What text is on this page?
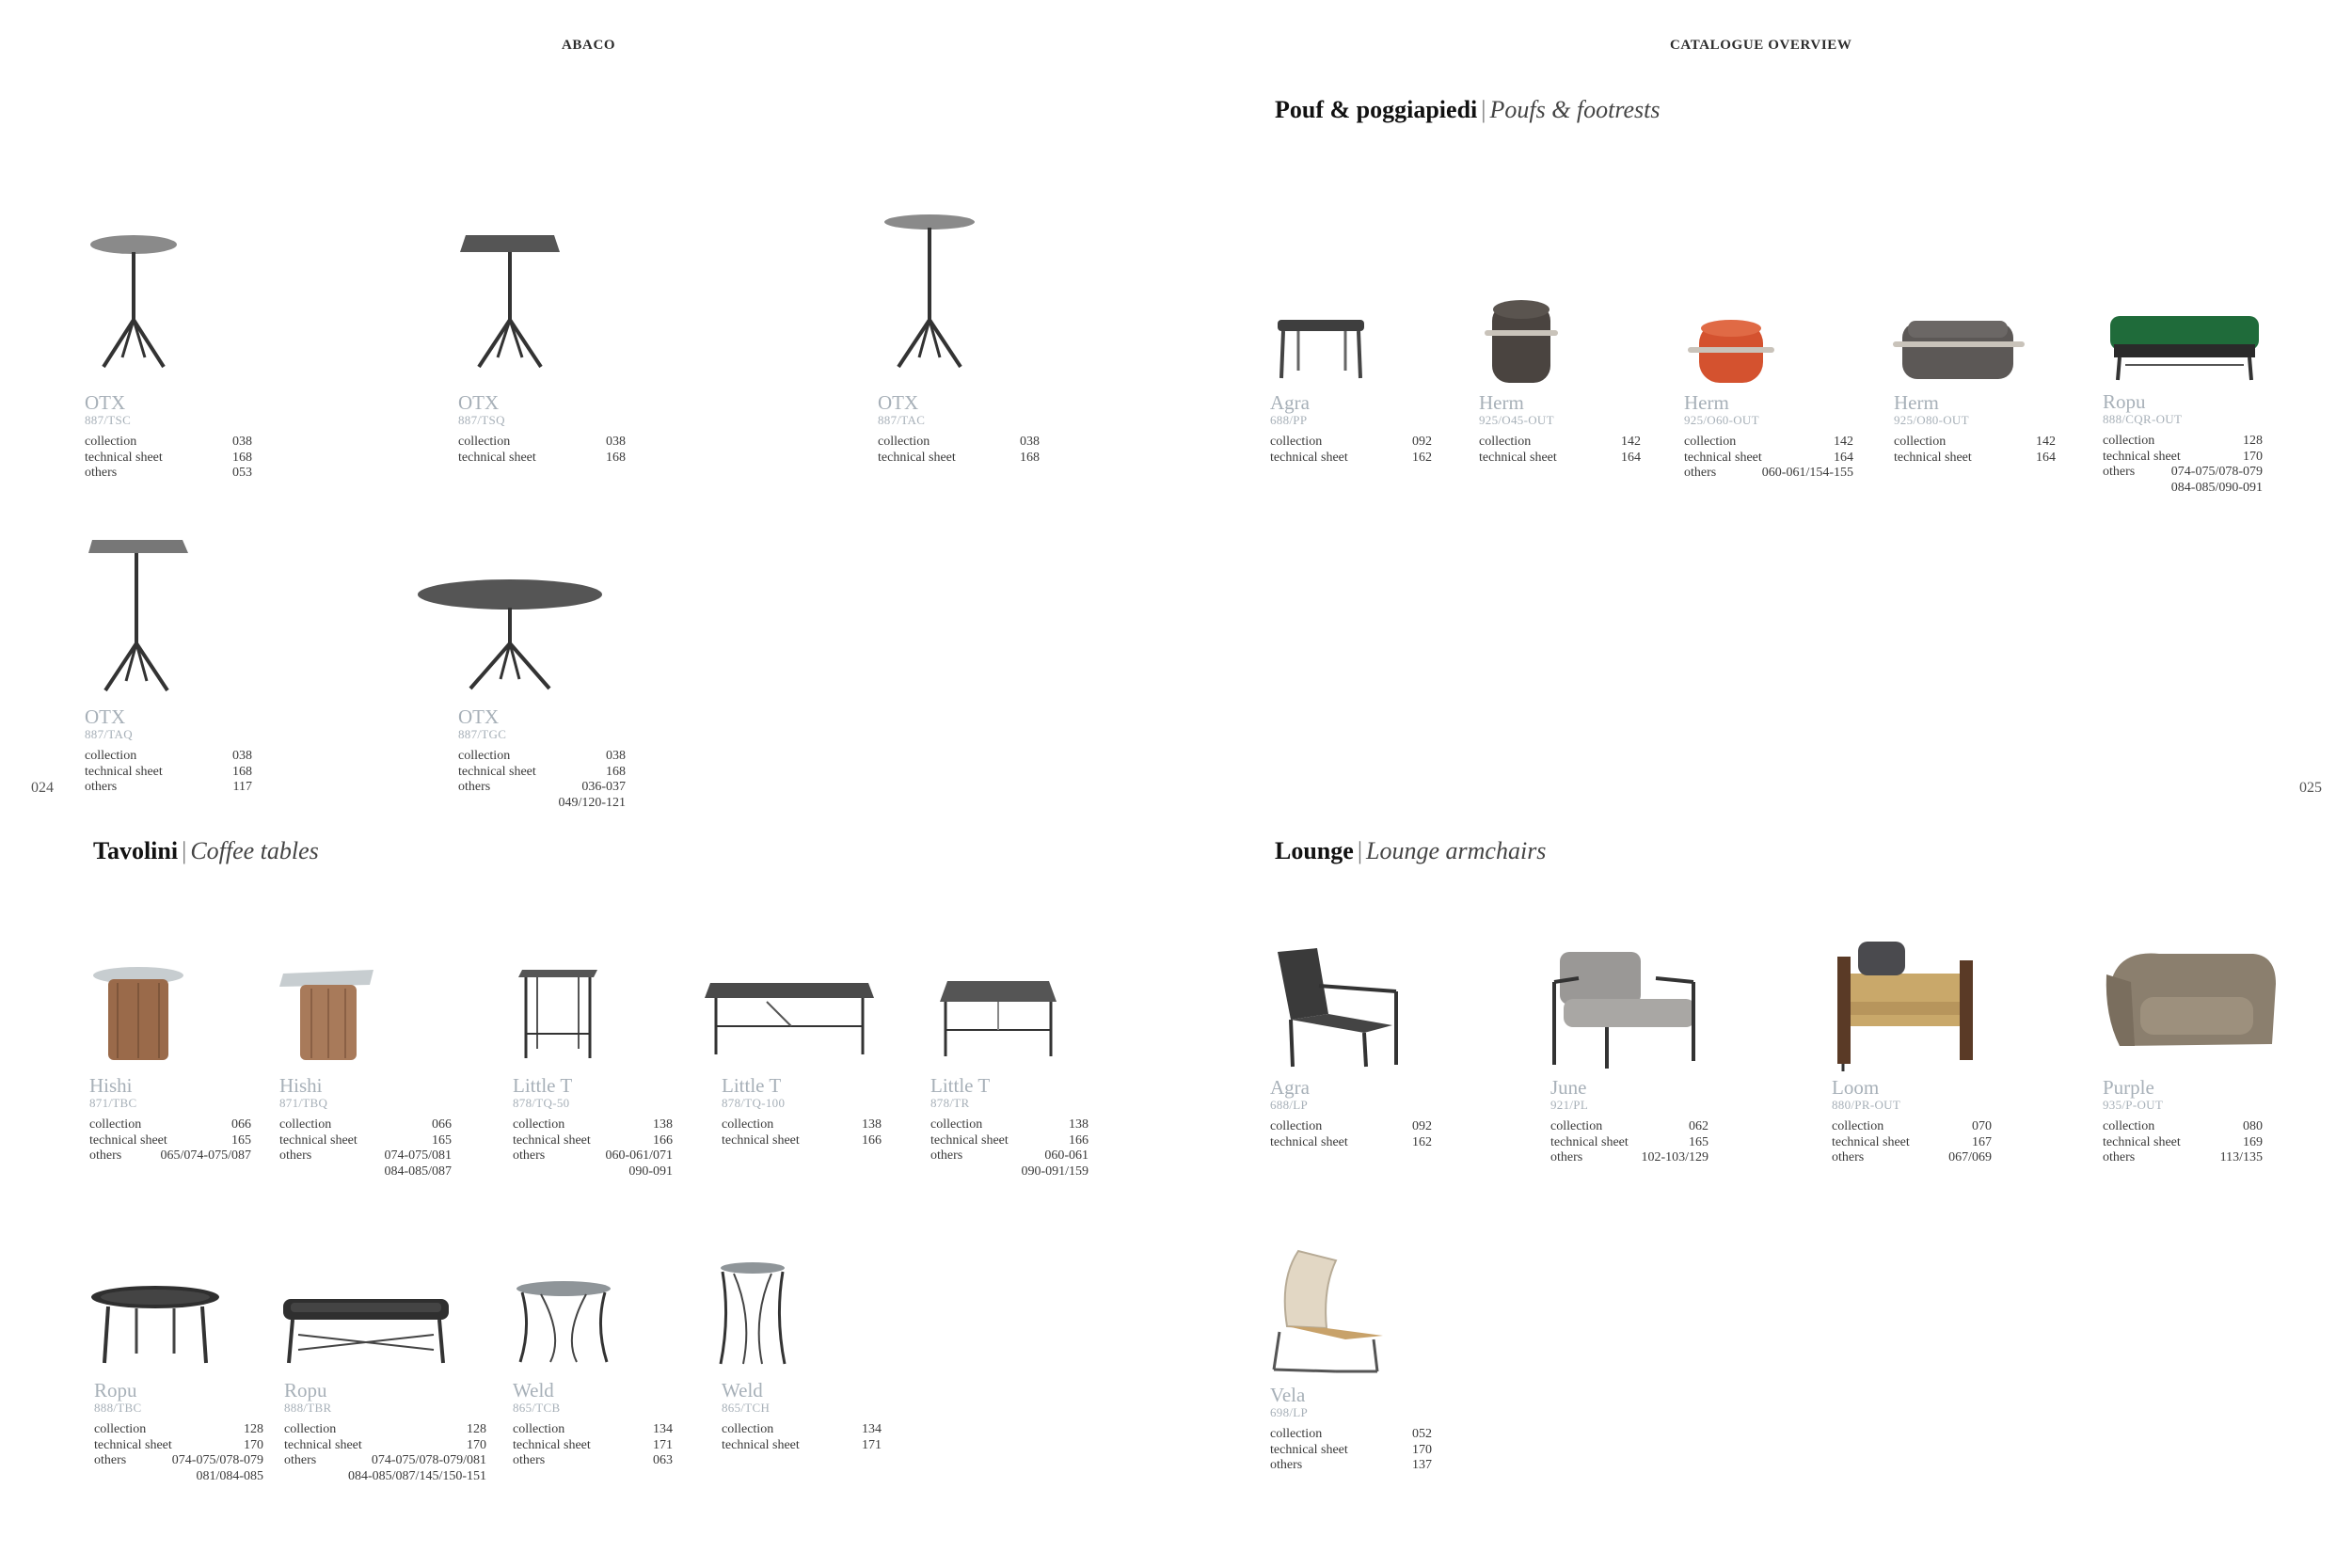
ABACO	CATALOGUE OVERVIEW
024	025
Pouf & poggiapiedi | Poufs & footrests
Tavolini | Coffee tables	Lounge | Lounge armchairs
OTX
887/TSC
collection	038
technical sheet	168
others	053
OTX
887/TSQ
collection	038
technical sheet	168
OTX
887/TAC
collection	038
technical sheet	168
OTX
887/TAQ
collection	038
technical sheet	168
others	117
OTX
887/TGC
collection	038
technical sheet	168
others	036-037
049/120-121
Agra
688/PP
collection	092
technical sheet	162
Herm
925/O45-OUT
collection	142
technical sheet	164
Herm
925/O60-OUT
collection	142
technical sheet	164
others	060-061/154-155
Herm
925/O80-OUT
collection	142
technical sheet	164
Ropu
888/CQR-OUT
collection	128
technical sheet	170
others	074-075/078-079
084-085/090-091
Hishi
871/TBC
collection	066
technical sheet	165
others	065/074-075/087
Hishi
871/TBQ
collection	066
technical sheet	165
others	074-075/081
084-085/087
Little T
878/TQ-50
collection	138
technical sheet	166
others	060-061/071
090-091
Little T
878/TQ-100
collection	138
technical sheet	166
Little T
878/TR
collection	138
technical sheet	166
others	060-061
090-091/159
Agra
688/LP
collection	092
technical sheet	162
June
921/PL
collection	062
technical sheet	165
others	102-103/129
Loom
880/PR-OUT
collection	070
technical sheet	167
others	067/069
Purple
935/P-OUT
collection	080
technical sheet	169
others	113/135
Ropu
888/TBC
collection	128
technical sheet	170
others	074-075/078-079
081/084-085
Ropu
888/TBR
collection	128
technical sheet	170
others	074-075/078-079/081
084-085/087/145/150-151
Weld
865/TCB
collection	134
technical sheet	171
others	063
Weld
865/TCH
collection	134
technical sheet	171
Vela
698/LP
collection	052
technical sheet	170
others	137
